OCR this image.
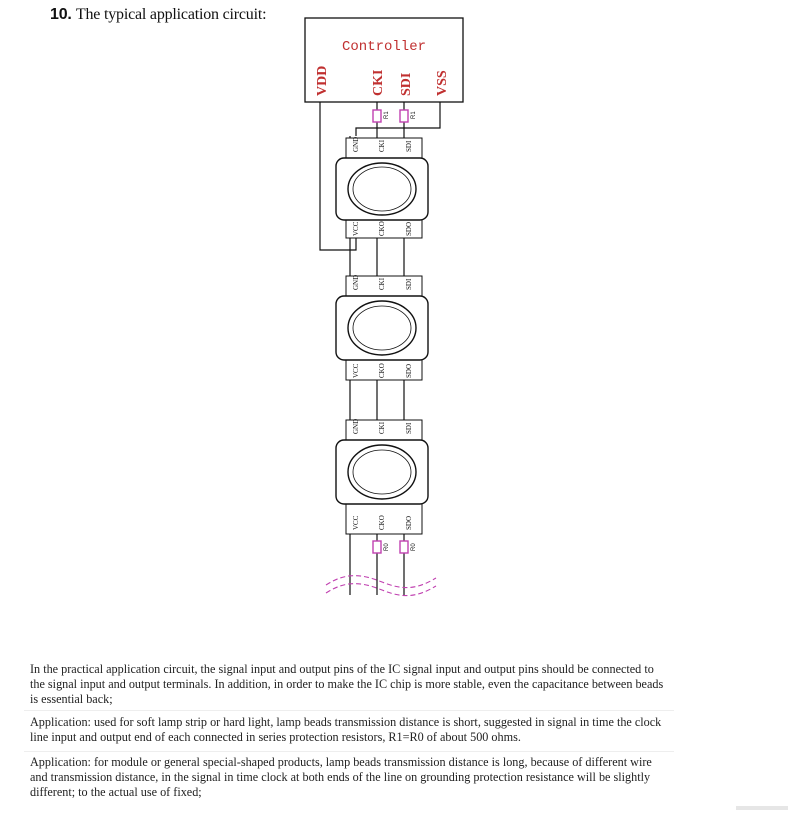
10. The typical application circuit:
Controller
VDD	CKI SDI VSS
R1	R1
GND	CKI	SDI
VCC	CKO	SDO
GND	CKI	SDI
VCC	CKO	SDO
GND	CKI	SDI
VCC	CKO	SDO
R0	R0
In the practical application circuit, the signal input and output pins of the IC signal input and output pins should be connected to the signal input and output terminals. In addition, in order to make the IC chip is more stable, even the capacitance between beads is essential back;
Application: used for soft lamp strip or hard light, lamp beads transmission distance is short, suggested in signal in time the clock line input and output end of each connected in series protection resistors, R1=R0 of about 500 ohms.
Application: for module or general special-shaped products, lamp beads transmission distance is long, because of different wire and transmission distance, in the signal in time clock at both ends of the line on grounding protection resistance will be slightly different; to the actual use of fixed;
